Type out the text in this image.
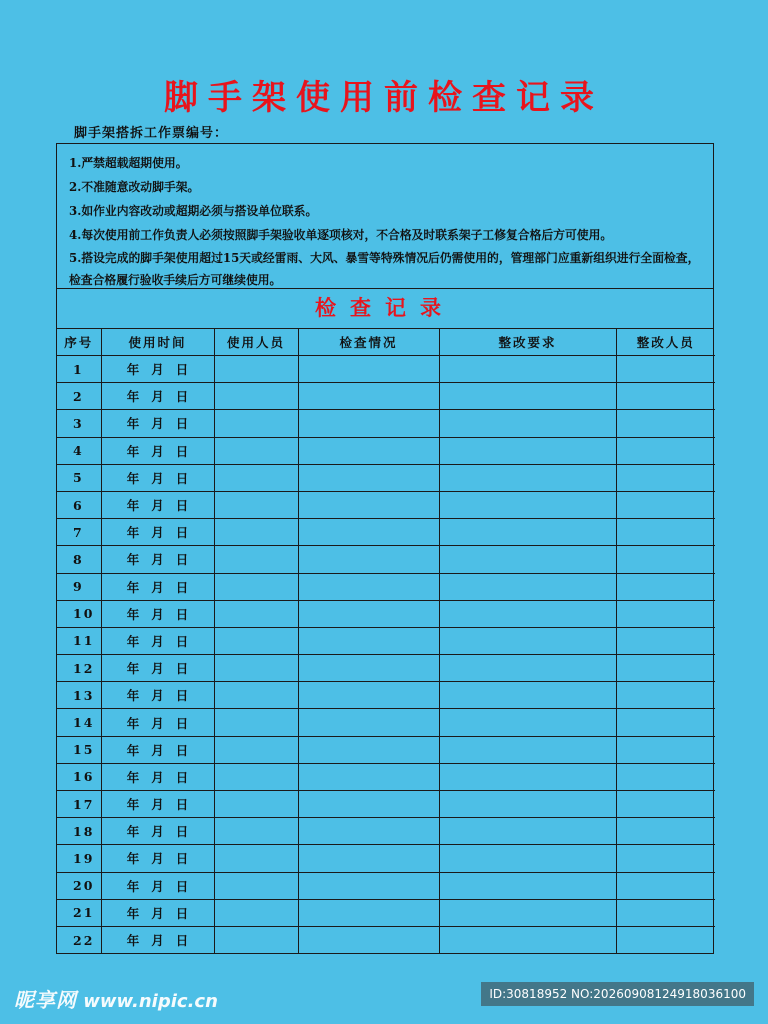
脚手架使用前检查记录
脚手架搭拆工作票编号：
1.严禁超载超期使用。
2.不准随意改动脚手架。
3.如作业内容改动或超期必须与搭设单位联系。
4.每次使用前工作负责人必须按照脚手架验收单逐项核对，不合格及时联系架子工修复合格后方可使用。
5.搭设完成的脚手架使用超过15天或经雷雨、大风、暴雪等特殊情况后仍需使用的，管理部门应重新组织进行全面检查，检查合格履行验收手续后方可继续使用。
检查记录
序号	使用时间	使用人员	检查情况	整改要求	整改人员
1	年 月 日				
2	年 月 日				
3	年 月 日				
4	年 月 日				
5	年 月 日				
6	年 月 日				
7	年 月 日				
8	年 月 日				
9	年 月 日				
10	年 月 日				
11	年 月 日				
12	年 月 日				
13	年 月 日				
14	年 月 日				
15	年 月 日				
16	年 月 日				
17	年 月 日				
18	年 月 日				
19	年 月 日				
20	年 月 日				
21	年 月 日				
22	年 月 日				
昵享网 www.nipic.cn	ID:30818952 NO:20260908124918036100
